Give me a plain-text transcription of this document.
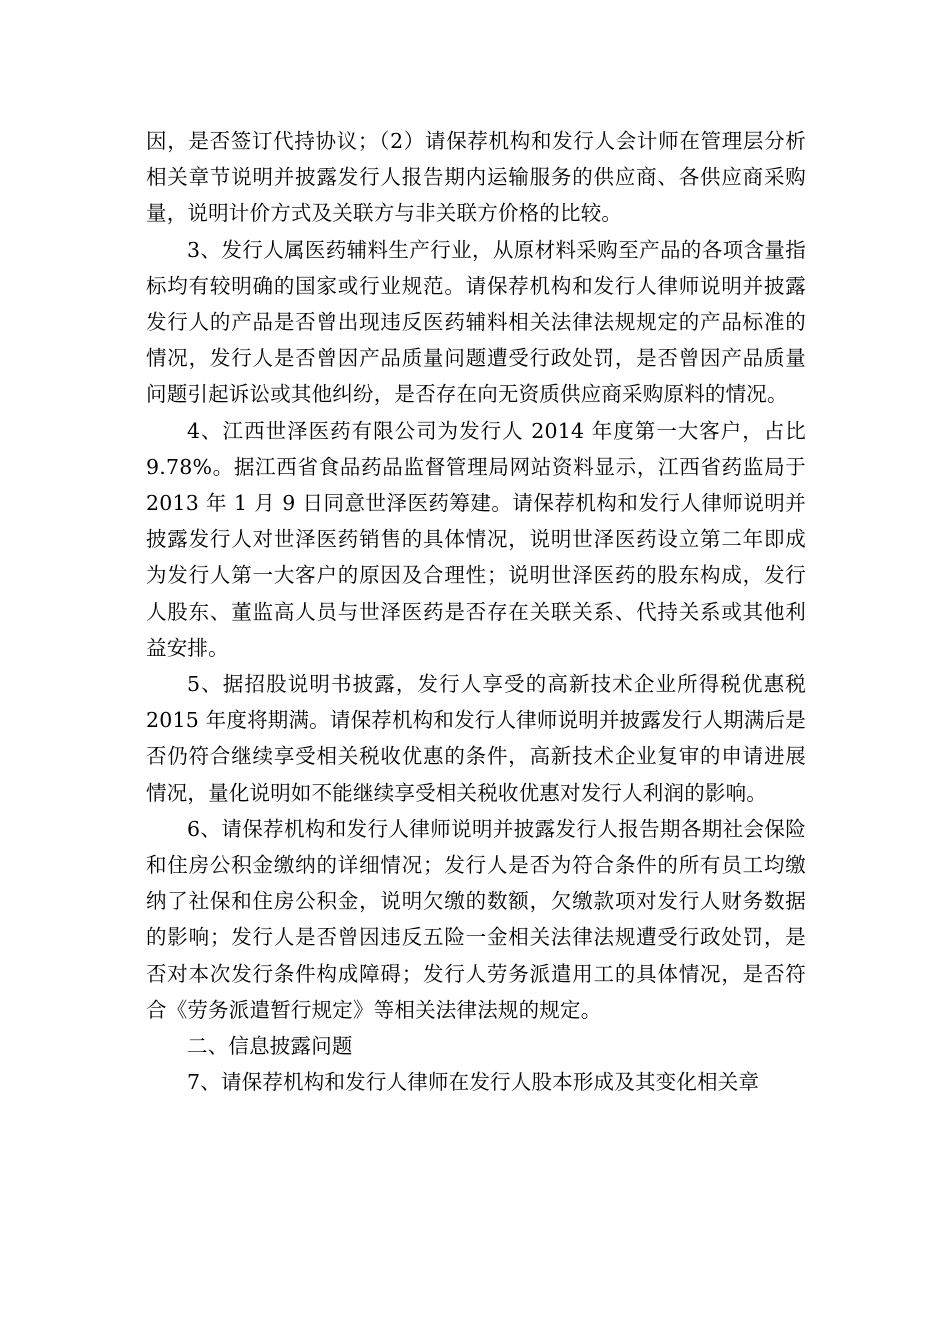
因，是否签订代持协议；（2）请保荐机构和发行人会计师在管理层分析相关章节说明并披露发行人报告期内运输服务的供应商、各供应商采购量，说明计价方式及关联方与非关联方价格的比较。

3、发行人属医药辅料生产行业，从原材料采购至产品的各项含量指标均有较明确的国家或行业规范。请保荐机构和发行人律师说明并披露发行人的产品是否曾出现违反医药辅料相关法律法规规定的产品标准的情况，发行人是否曾因产品质量问题遭受行政处罚，是否曾因产品质量问题引起诉讼或其他纠纷，是否存在向无资质供应商采购原料的情况。

4、江西世泽医药有限公司为发行人 2014 年度第一大客户，占比 9.78%。据江西省食品药品监督管理局网站资料显示，江西省药监局于 2013 年 1 月 9 日同意世泽医药筹建。请保荐机构和发行人律师说明并披露发行人对世泽医药销售的具体情况，说明世泽医药设立第二年即成为发行人第一大客户的原因及合理性；说明世泽医药的股东构成，发行人股东、董监高人员与世泽医药是否存在关联关系、代持关系或其他利益安排。

5、据招股说明书披露，发行人享受的高新技术企业所得税优惠税 2015 年度将期满。请保荐机构和发行人律师说明并披露发行人期满后是否仍符合继续享受相关税收优惠的条件，高新技术企业复审的申请进展情况，量化说明如不能继续享受相关税收优惠对发行人利润的影响。

6、请保荐机构和发行人律师说明并披露发行人报告期各期社会保险和住房公积金缴纳的详细情况；发行人是否为符合条件的所有员工均缴纳了社保和住房公积金，说明欠缴的数额，欠缴款项对发行人财务数据的影响；发行人是否曾因违反五险一金相关法律法规遭受行政处罚，是否对本次发行条件构成障碍；发行人劳务派遣用工的具体情况，是否符合《劳务派遣暂行规定》等相关法律法规的规定。

二、信息披露问题

7、请保荐机构和发行人律师在发行人股本形成及其变化相关章
